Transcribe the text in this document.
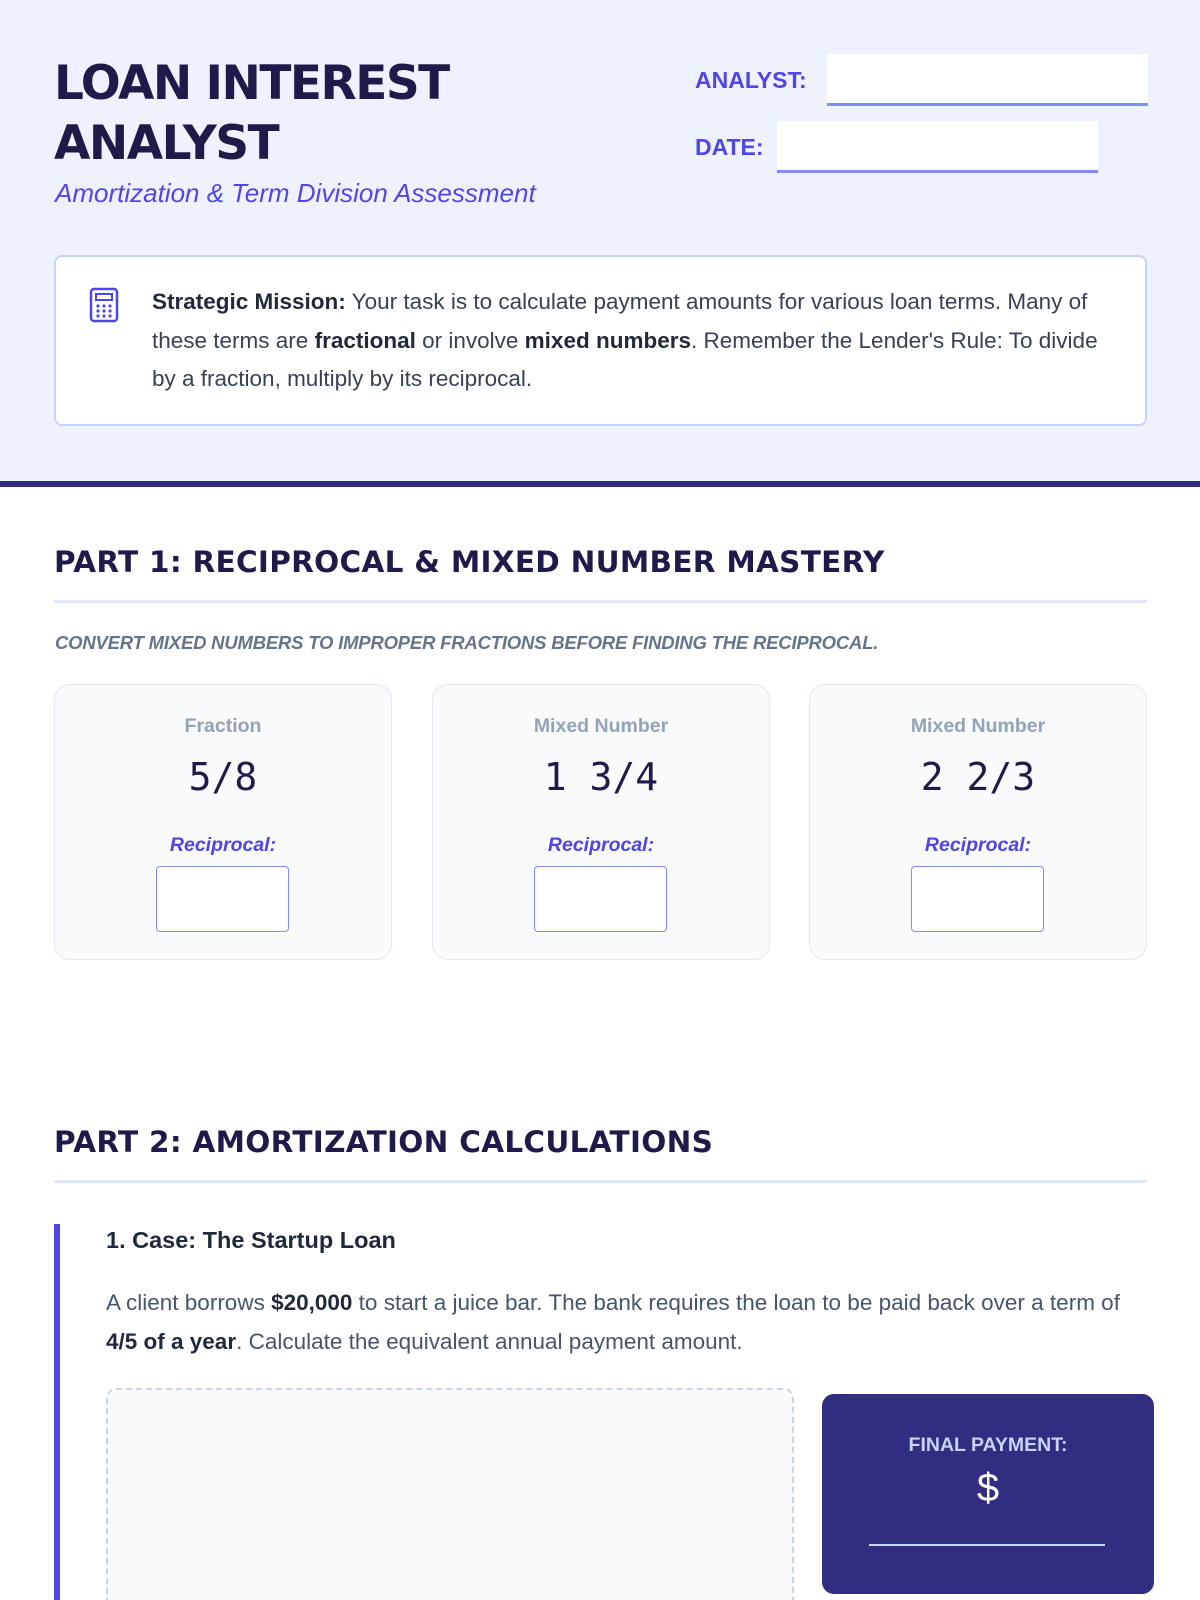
LOAN INTEREST ANALYST
Amortization & Term Division Assessment
ANALYST:
DATE:

Strategic Mission: Your task is to calculate payment amounts for various loan terms. Many of these terms are fractional or involve mixed numbers. Remember the Lender's Rule: To divide by a fraction, multiply by its reciprocal.

PART 1: RECIPROCAL & MIXED NUMBER MASTERY
CONVERT MIXED NUMBERS TO IMPROPER FRACTIONS BEFORE FINDING THE RECIPROCAL.
Fraction
5/8
Reciprocal:
Mixed Number
1 3/4
Reciprocal:
Mixed Number
2 2/3
Reciprocal:
PART 2: AMORTIZATION CALCULATIONS
1. Case: The Startup Loan

A client borrows $20,000 to start a juice bar. The bank requires the loan to be paid back over a term of 4/5 of a year. Calculate the equivalent annual payment amount.

FINAL PAYMENT:
$
